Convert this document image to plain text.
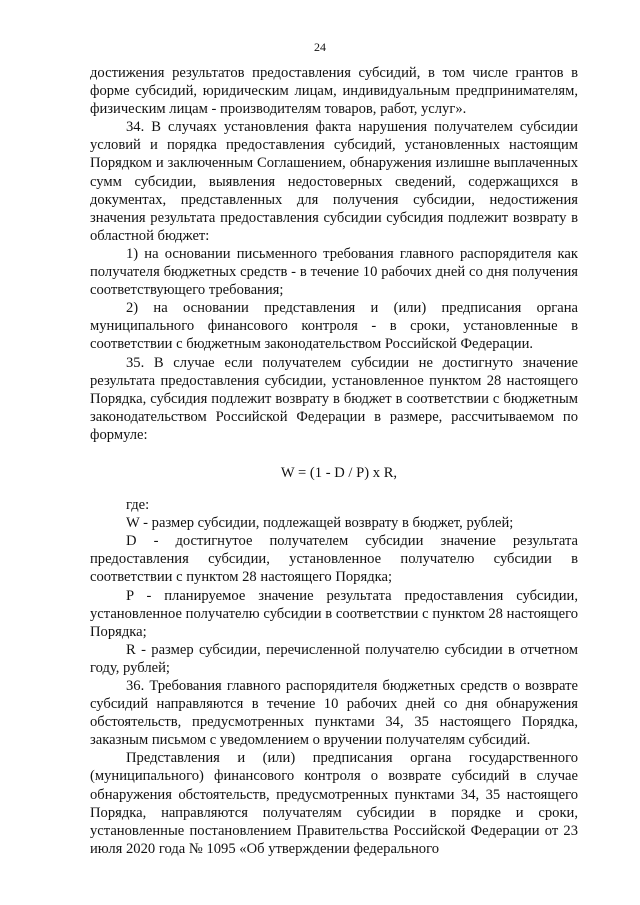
24

достижения результатов предоставления субсидий, в том числе грантов в форме субсидий, юридическим лицам, индивидуальным предпринимателям, физическим лицам - производителям товаров, работ, услуг».

34. В случаях установления факта нарушения получателем субсидии условий и порядка предоставления субсидий, установленных настоящим Порядком и заключенным Соглашением, обнаружения излишне выплаченных сумм субсидии, выявления недостоверных сведений, содержащихся в документах, представленных для получения субсидии, недостижения значения результата предоставления субсидии субсидия подлежит возврату в областной бюджет:

1) на основании письменного требования главного распорядителя как получателя бюджетных средств - в течение 10 рабочих дней со дня получения соответствующего требования;

2) на основании представления и (или) предписания органа муниципального финансового контроля - в сроки, установленные в соответствии с бюджетным законодательством Российской Федерации.

35. В случае если получателем субсидии не достигнуто значение результата предоставления субсидии, установленное пунктом 28 настоящего Порядка, субсидия подлежит возврату в бюджет в соответствии с бюджетным законодательством Российской Федерации в размере, рассчитываемом по формуле:

W = (1 - D / P) x R,

где:

W - размер субсидии, подлежащей возврату в бюджет, рублей;

D - достигнутое получателем субсидии значение результата предоставления субсидии, установленное получателю субсидии в соответствии с пунктом 28 настоящего Порядка;

P - планируемое значение результата предоставления субсидии, установленное получателю субсидии в соответствии с пунктом 28 настоящего Порядка;

R - размер субсидии, перечисленной получателю субсидии в отчетном году, рублей;

36. Требования главного распорядителя бюджетных средств о возврате субсидий направляются в течение 10 рабочих дней со дня обнаружения обстоятельств, предусмотренных пунктами 34, 35 настоящего Порядка, заказным письмом с уведомлением о вручении получателям субсидий.

Представления и (или) предписания органа государственного (муниципального) финансового контроля о возврате субсидий в случае обнаружения обстоятельств, предусмотренных пунктами 34, 35 настоящего Порядка, направляются получателям субсидии в порядке и сроки, установленные постановлением Правительства Российской Федерации от 23 июля 2020 года № 1095 «Об утверждении федерального
